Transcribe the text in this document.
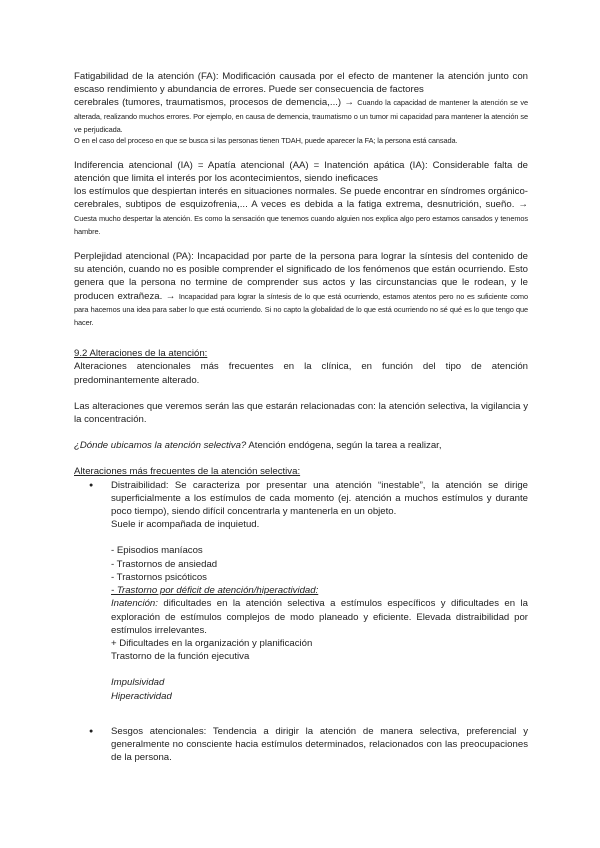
Fatigabilidad de la atención (FA): Modificación causada por el efecto de mantener la atención junto con escaso rendimiento y abundancia de errores. Puede ser consecuencia de factores

cerebrales (tumores, traumatismos, procesos de demencia,...) → Cuando la capacidad de mantener la atención se ve alterada, realizando muchos errores. Por ejemplo, en causa de demencia, traumatismo o un tumor mi capacidad para mantener la atención se ve perjudicada.

O en el caso del proceso en que se busca si las personas tienen TDAH, puede aparecer la FA; la persona está cansada.

Indiferencia atencional (IA) = Apatía atencional (AA) = Inatención apática (IA): Considerable falta de atención que limita el interés por los acontecimientos, siendo ineficaces

los estímulos que despiertan interés en situaciones normales. Se puede encontrar en síndromes orgánico-cerebrales, subtipos de esquizofrenia,... A veces es debida a la fatiga extrema, desnutrición, sueño. → Cuesta mucho despertar la atención. Es como la sensación que tenemos cuando alguien nos explica algo pero estamos cansados y tenemos hambre.

Perplejidad atencional (PA): Incapacidad por parte de la persona para lograr la síntesis del contenido de su atención, cuando no es posible comprender el significado de los fenómenos que están ocurriendo. Esto genera que la persona no termine de comprender sus actos y las circunstancias que le rodean, y le producen extrañeza. → Incapacidad para lograr la síntesis de lo que está ocurriendo, estamos atentos pero no es suficiente como para hacernos una idea para saber lo que está ocurriendo. Si no capto la globalidad de lo que está ocurriendo no sé qué es lo que tengo que hacer.

9.2 Alteraciones de la atención:

Alteraciones atencionales más frecuentes en la clínica, en función del tipo de atención predominantemente alterado.

Las alteraciones que veremos serán las que estarán relacionadas con: la atención selectiva, la vigilancia y la concentración.

¿Dónde ubicamos la atención selectiva? Atención endógena, según la tarea a realizar,

Alteraciones más frecuentes de la atención selectiva:

● Distraibilidad: Se caracteriza por presentar una atención “inestable”, la atención se dirige superficialmente a los estímulos de cada momento (ej. atención a muchos estímulos y durante poco tiempo), siendo difícil concentrarla y mantenerla en un objeto.

Suele ir acompañada de inquietud.

- Episodios maníacos
- Trastornos de ansiedad
- Trastornos psicóticos
- Trastorno por déficit de atención/hiperactividad:

Inatención: dificultades en la atención selectiva a estímulos específicos y dificultades en la exploración de estímulos complejos de modo planeado y eficiente. Elevada distraibilidad por estímulos irrelevantes.

+ Dificultades en la organización y planificación

Trastorno de la función ejecutiva

Impulsividad

Hiperactividad

● Sesgos atencionales: Tendencia a dirigir la atención de manera selectiva, preferencial y generalmente no consciente hacia estímulos determinados, relacionados con las preocupaciones de la persona.
